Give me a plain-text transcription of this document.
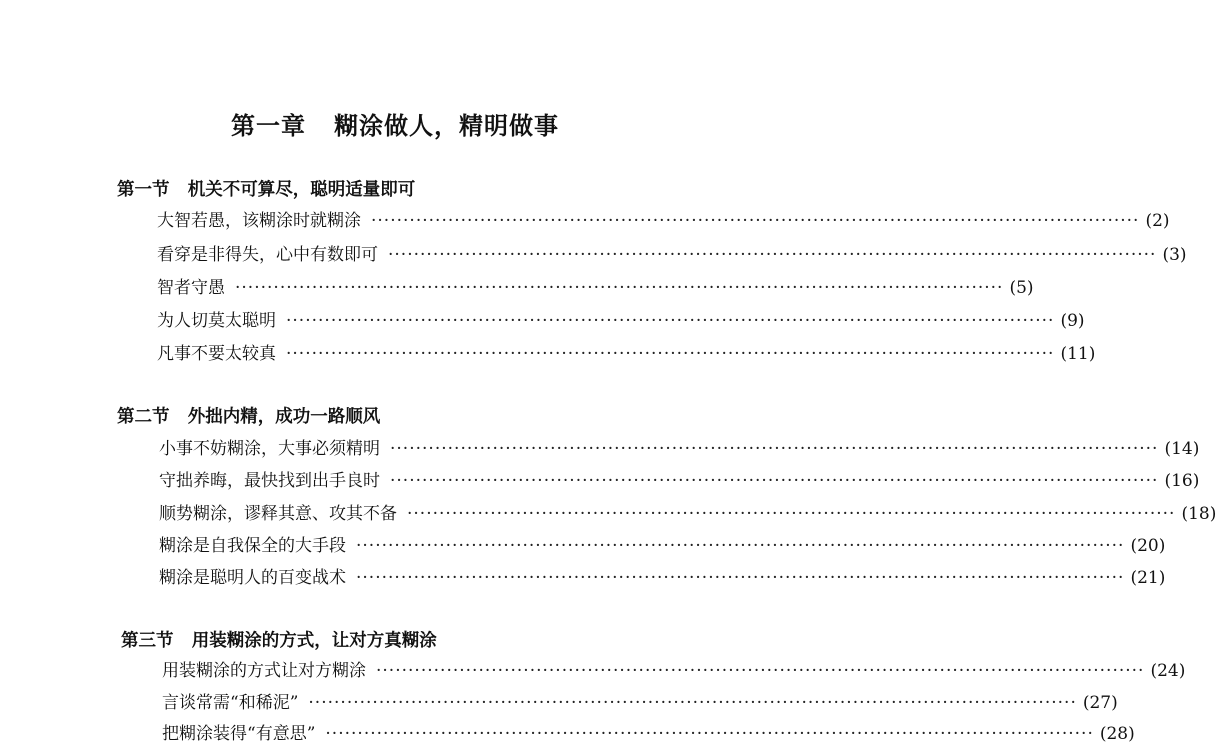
第一章   糊涂做人，精明做事
第一节   机关不可算尽，聪明适量即可
大智若愚，该糊涂时就糊涂 ························································································································ (2)
看穿是非得失，心中有数即可 ························································································································ (3)
智者守愚 ························································································································ (5)
为人切莫太聪明 ························································································································ (9)
凡事不要太较真 ························································································································ (11)
第二节   外拙内精，成功一路顺风
小事不妨糊涂，大事必须精明 ························································································································ (14)
守拙养晦，最快找到出手良时 ························································································································ (16)
顺势糊涂，谬释其意、攻其不备 ························································································································ (18)
糊涂是自我保全的大手段 ························································································································ (20)
糊涂是聪明人的百变战术 ························································································································ (21)
第三节   用装糊涂的方式，让对方真糊涂
用装糊涂的方式让对方糊涂 ························································································································ (24)
言谈常需“和稀泥” ························································································································ (27)
把糊涂装得“有意思” ························································································································ (28)
